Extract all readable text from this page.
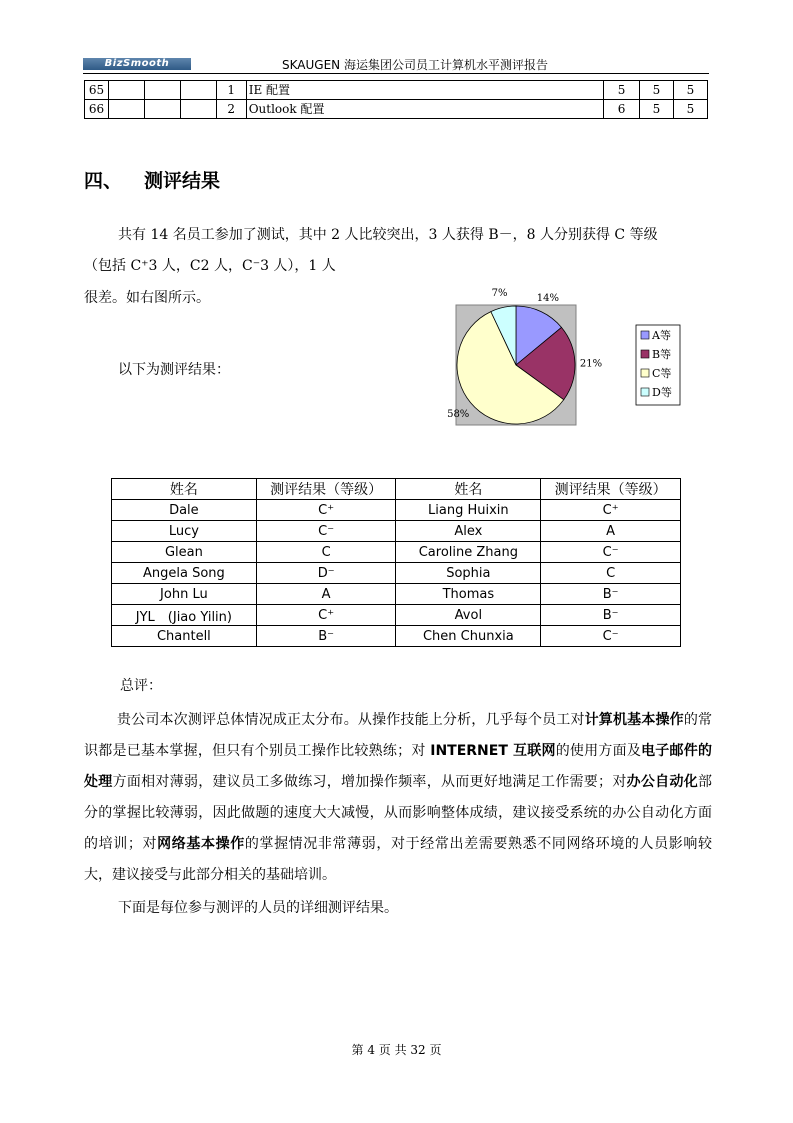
BizSmooth	SKAUGEN 海运集团公司员工计算机水平测评报告
65				1	IE 配置	5	5	5
66				2	Outlook 配置	6	5	5
四、 测评结果
共有 14 名员工参加了测试，其中 2 人比较突出，3 人获得 B－，8 人分别获得 C 等级
（包括 C⁺3 人，C2 人，C⁻3 人），1 人
很差。如右图所示。
以下为测评结果：
14%
21%
58%
7%
A等
B等
C等
D等
姓名	测评结果（等级）	姓名	测评结果（等级）
Dale	C⁺	Liang Huixin	C⁺
Lucy	C⁻	Alex	A
Glean	C	Caroline Zhang	C⁻
Angela Song	D⁻	Sophia	C
John Lu	A	Thomas	B⁻
JYL　(Jiao Yilin)	C⁺	Avol	B⁻
Chantell	B⁻	Chen Chunxia	C⁻
总评：
贵公司本次测评总体情况成正太分布。从操作技能上分析，几乎每个员工对计算机基本操作的常识都是已基本掌握，但只有个别员工操作比较熟练；对 INTERNET 互联网的使用方面及电子邮件的处理方面相对薄弱，建议员工多做练习，增加操作频率，从而更好地满足工作需要；对办公自动化部分的掌握比较薄弱，因此做题的速度大大减慢，从而影响整体成绩，建议接受系统的办公自动化方面的培训；对网络基本操作的掌握情况非常薄弱，对于经常出差需要熟悉不同网络环境的人员影响较大，建议接受与此部分相关的基础培训。
下面是每位参与测评的人员的详细测评结果。
第 4 页 共 32 页
